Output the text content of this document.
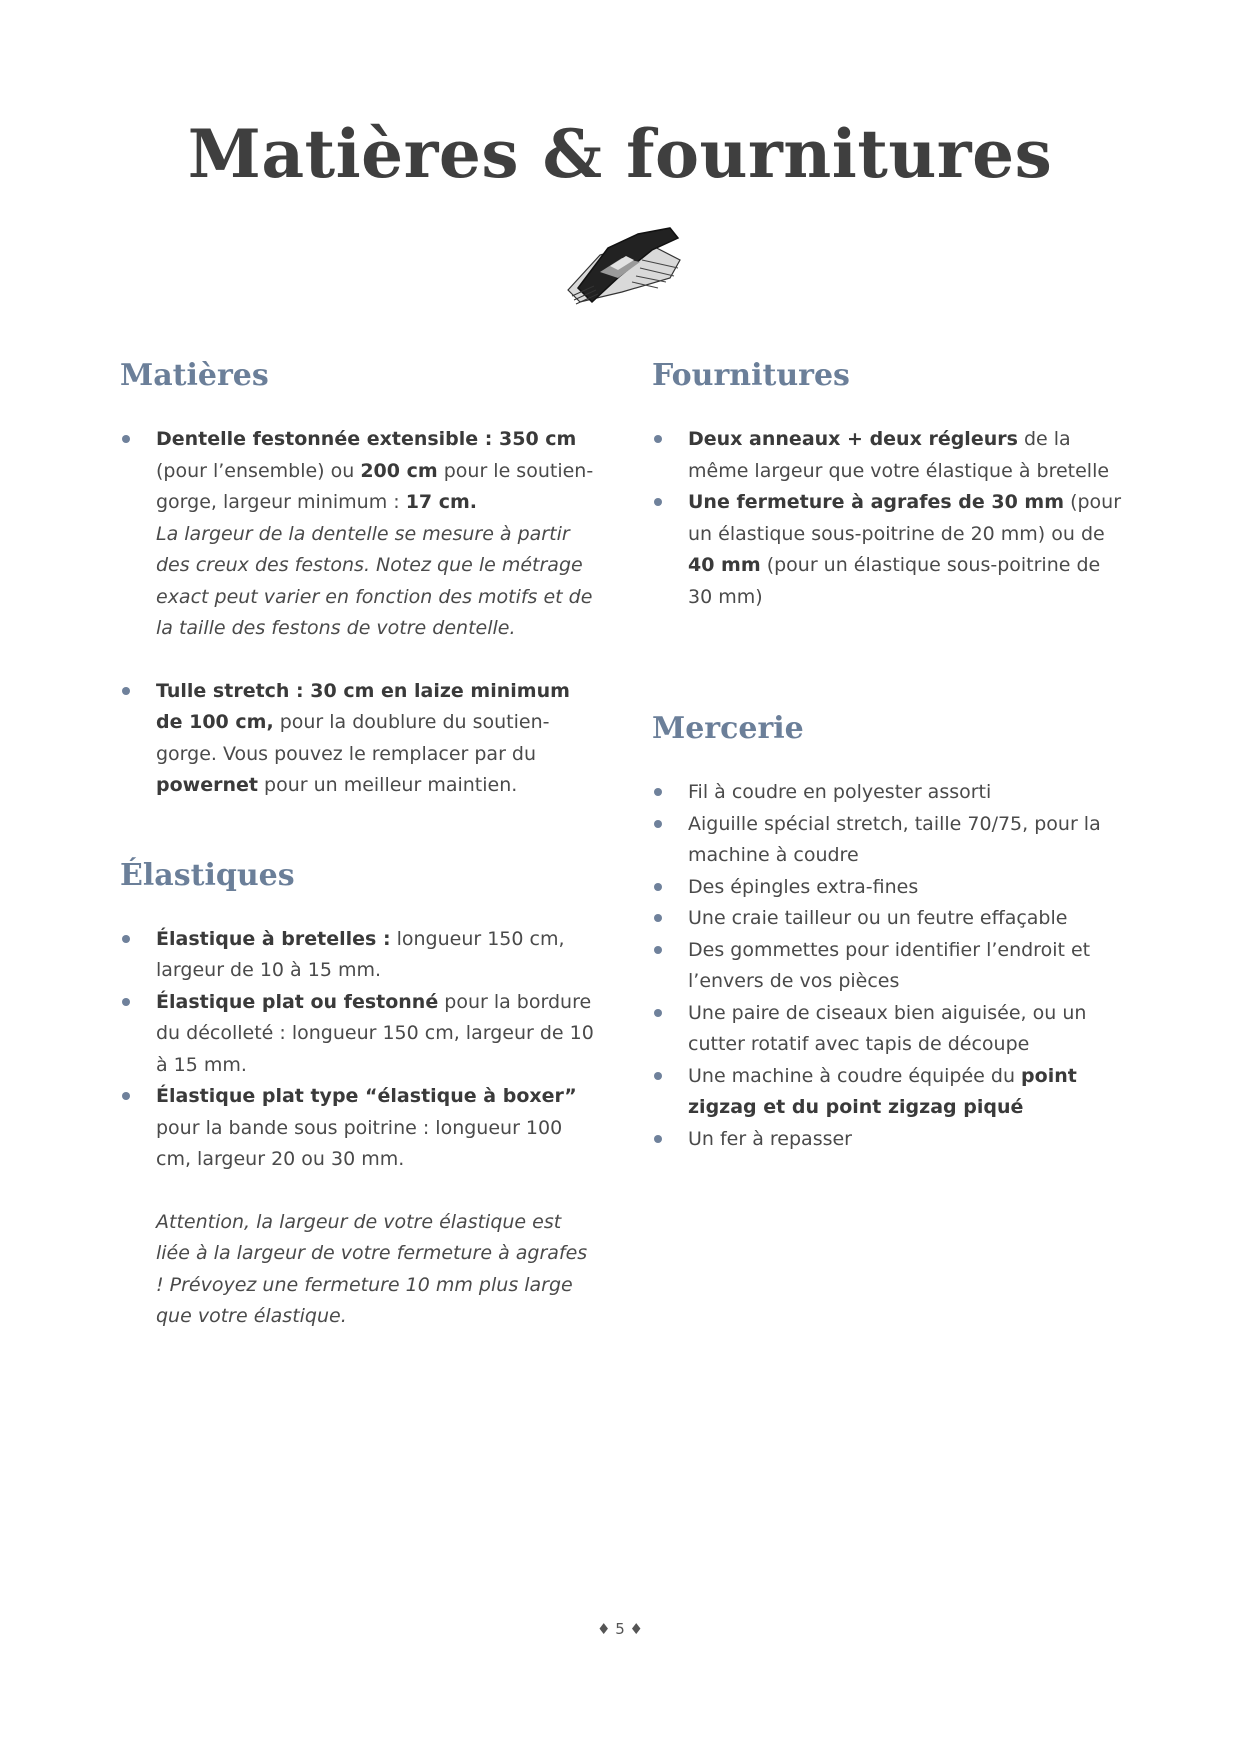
Matières & fournitures
Matières
Dentelle festonnée extensible : 350 cm
(pour l’ensemble) ou 200 cm pour le soutien-gorge, largeur minimum : 17 cm.
La largeur de la dentelle se mesure à partir des creux des festons. Notez que le métrage exact peut varier en fonction des motifs et de la taille des festons de votre dentelle.
Tulle stretch : 30 cm en laize minimum de 100 cm, pour la doublure du soutien-gorge. Vous pouvez le remplacer par du powernet pour un meilleur maintien.
Élastiques
Élastique à bretelles : longueur 150 cm, largeur de 10 à 15 mm.
Élastique plat ou festonné pour la bordure du décolleté : longueur 150 cm, largeur de 10 à 15 mm.
Élastique plat type “élastique à boxer” pour la bande sous poitrine : longueur 100 cm, largeur 20 ou 30 mm.
Attention, la largeur de votre élastique est liée à la largeur de votre fermeture à agrafes ! Prévoyez une fermeture 10 mm plus large que votre élastique.
Fournitures
Deux anneaux + deux régleurs de la même largeur que votre élastique à bretelle
Une fermeture à agrafes de 30 mm (pour un élastique sous-poitrine de 20 mm) ou de 40 mm (pour un élastique sous-poitrine de 30 mm)
Mercerie
Fil à coudre en polyester assorti
Aiguille spécial stretch, taille 70/75, pour la machine à coudre
Des épingles extra-fines
Une craie tailleur ou un feutre effaçable
Des gommettes pour identifier l’endroit et l’envers de vos pièces
Une paire de ciseaux bien aiguisée, ou un cutter rotatif avec tapis de découpe
Une machine à coudre équipée du point zigzag et du point zigzag piqué
Un fer à repasser
♦ 5 ♦
